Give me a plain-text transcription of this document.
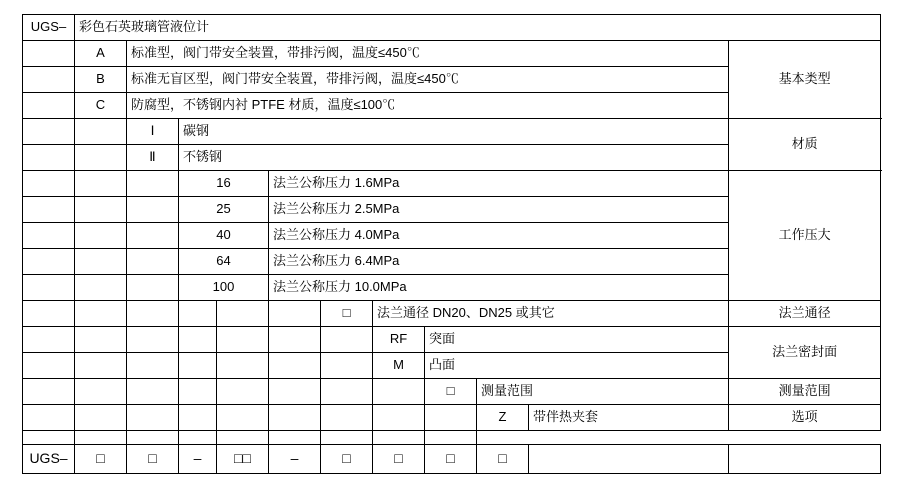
UGS–	彩色石英玻璃管液位计										
	A	标准型，阀门带安全装置，带排污阀，温度≤450℃									基本类型
	B	标准无盲区型，阀门带安全装置，带排污阀，温度≤450℃									
	C	防腐型，不锈钢内衬 PTFE 材质，温度≤100℃									
		Ⅰ	碳钢								材质
		Ⅱ	不锈钢								
			16		法兰公称压力 1.6MPa						工作压大
			25		法兰公称压力 2.5MPa						
			40		法兰公称压力 4.0MPa						
			64		法兰公称压力 6.4MPa						
			100		法兰公称压力 10.0MPa						
						□	法兰通径 DN20、DN25 或其它				法兰通径
							RF	突面			法兰密封面
							M	凸面			
								□	测量范围		测量范围
									Z	带伴热夹套	选项

UGS–	□	□	–	□□	–	□	□	□	□		
